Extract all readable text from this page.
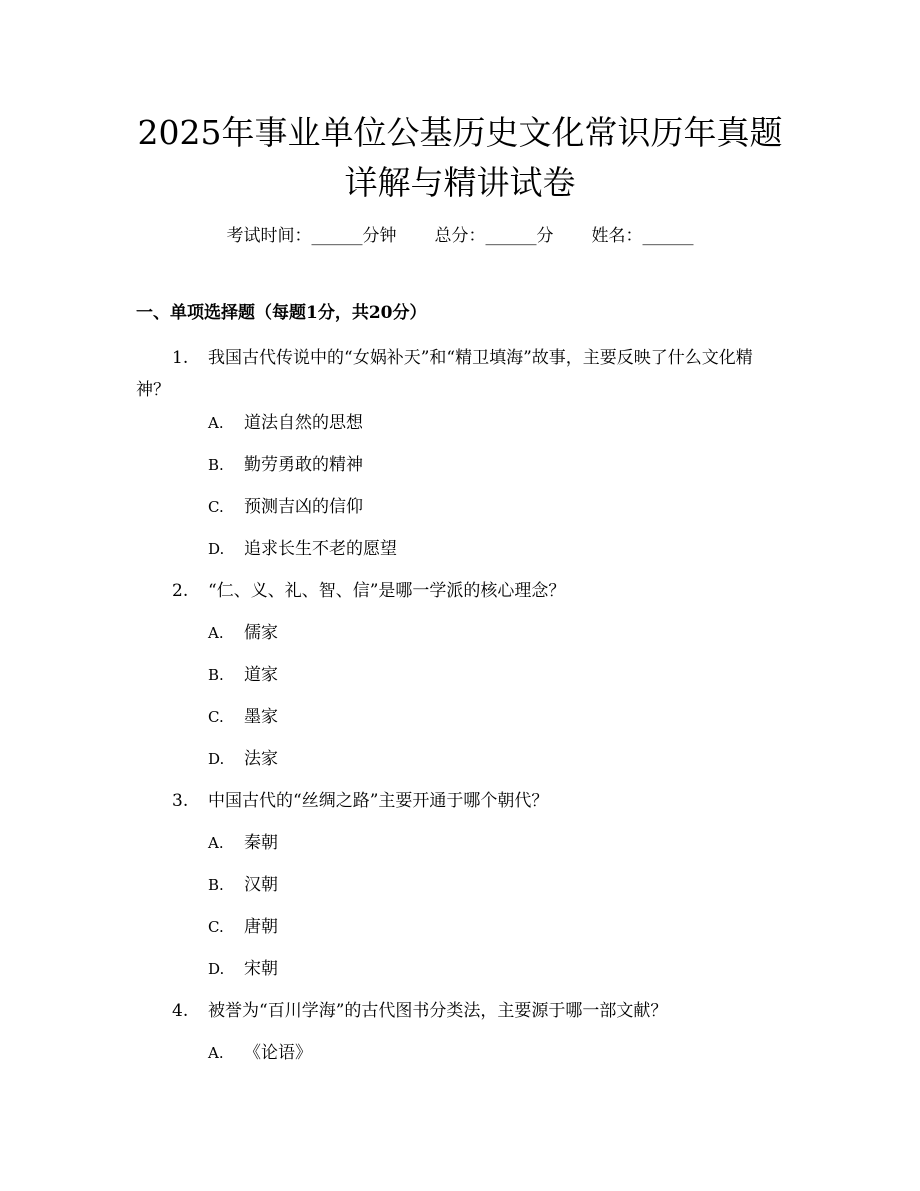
2025年事业单位公基历史文化常识历年真题
详解与精讲试卷
考试时间：______分钟 总分：______分 姓名：______
一、单项选择题（每题1分，共20分）
1.	我国古代传说中的“女娲补天”和“精卫填海”故事，主要反映了什么文化精神？
A. 道法自然的思想
B. 勤劳勇敢的精神
C. 预测吉凶的信仰
D. 追求长生不老的愿望
2.	“仁、义、礼、智、信”是哪一学派的核心理念？
A. 儒家
B. 道家
C. 墨家
D. 法家
3.	中国古代的“丝绸之路”主要开通于哪个朝代？
A. 秦朝
B. 汉朝
C. 唐朝
D. 宋朝
4.	被誉为“百川学海”的古代图书分类法，主要源于哪一部文献？
A. 《论语》
